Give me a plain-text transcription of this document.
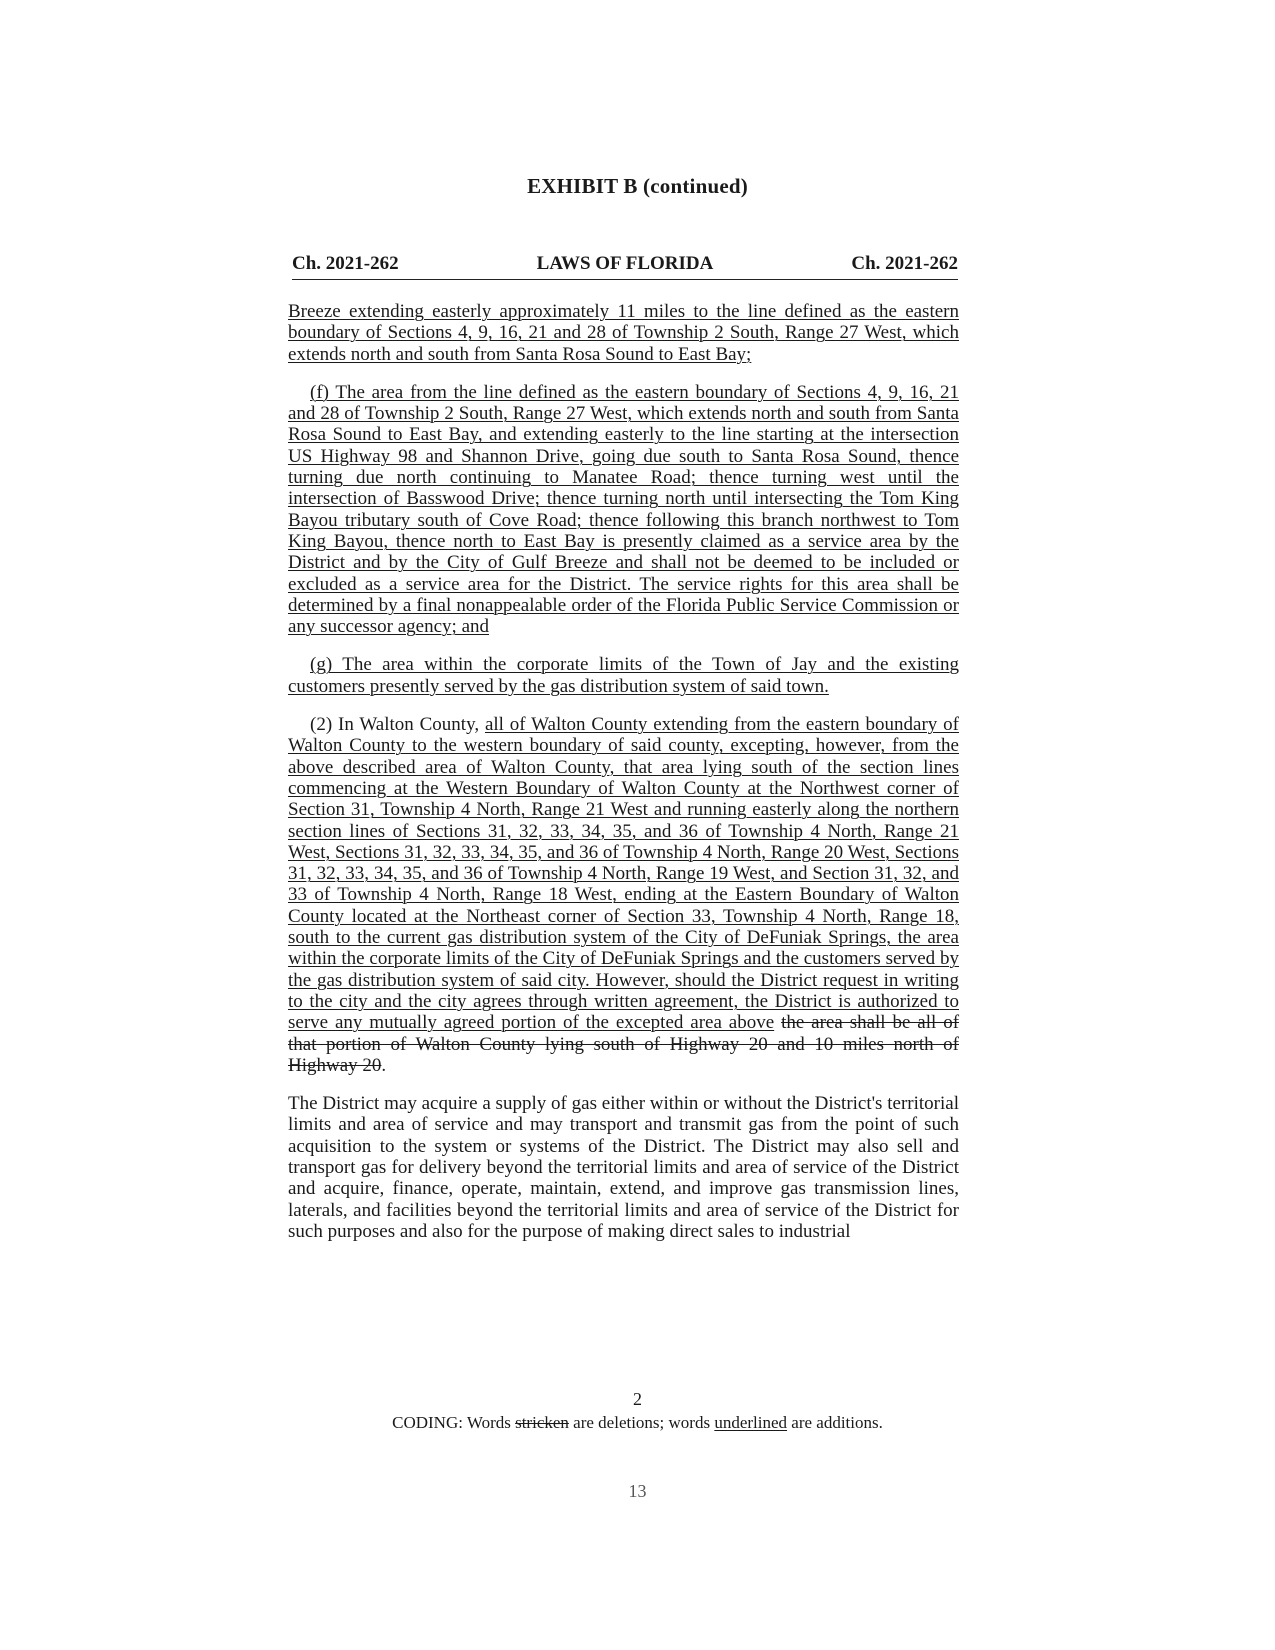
EXHIBIT B (continued)
Ch. 2021-262	LAWS OF FLORIDA	Ch. 2021-262

Breeze extending easterly approximately 11 miles to the line defined as the eastern boundary of Sections 4, 9, 16, 21 and 28 of Township 2 South, Range 27 West, which extends north and south from Santa Rosa Sound to East Bay;

(f) The area from the line defined as the eastern boundary of Sections 4, 9, 16, 21 and 28 of Township 2 South, Range 27 West, which extends north and south from Santa Rosa Sound to East Bay, and extending easterly to the line starting at the intersection US Highway 98 and Shannon Drive, going due south to Santa Rosa Sound, thence turning due north continuing to Manatee Road; thence turning west until the intersection of Basswood Drive; thence turning north until intersecting the Tom King Bayou tributary south of Cove Road; thence following this branch northwest to Tom King Bayou, thence north to East Bay is presently claimed as a service area by the District and by the City of Gulf Breeze and shall not be deemed to be included or excluded as a service area for the District. The service rights for this area shall be determined by a final nonappealable order of the Florida Public Service Commission or any successor agency; and

(g) The area within the corporate limits of the Town of Jay and the existing customers presently served by the gas distribution system of said town.

(2) In Walton County, all of Walton County extending from the eastern boundary of Walton County to the western boundary of said county, excepting, however, from the above described area of Walton County, that area lying south of the section lines commencing at the Western Boundary of Walton County at the Northwest corner of Section 31, Township 4 North, Range 21 West and running easterly along the northern section lines of Sections 31, 32, 33, 34, 35, and 36 of Township 4 North, Range 21 West, Sections 31, 32, 33, 34, 35, and 36 of Township 4 North, Range 20 West, Sections 31, 32, 33, 34, 35, and 36 of Township 4 North, Range 19 West, and Section 31, 32, and 33 of Township 4 North, Range 18 West, ending at the Eastern Boundary of Walton County located at the Northeast corner of Section 33, Township 4 North, Range 18, south to the current gas distribution system of the City of DeFuniak Springs, the area within the corporate limits of the City of DeFuniak Springs and the customers served by the gas distribution system of said city. However, should the District request in writing to the city and the city agrees through written agreement, the District is authorized to serve any mutually agreed portion of the excepted area above the area shall be all of that portion of Walton County lying south of Highway 20 and 10 miles north of Highway 20.

The District may acquire a supply of gas either within or without the District's territorial limits and area of service and may transport and transmit gas from the point of such acquisition to the system or systems of the District. The District may also sell and transport gas for delivery beyond the territorial limits and area of service of the District and acquire, finance, operate, maintain, extend, and improve gas transmission lines, laterals, and facilities beyond the territorial limits and area of service of the District for such purposes and also for the purpose of making direct sales to industrial

2
CODING: Words stricken are deletions; words underlined are additions.
13
